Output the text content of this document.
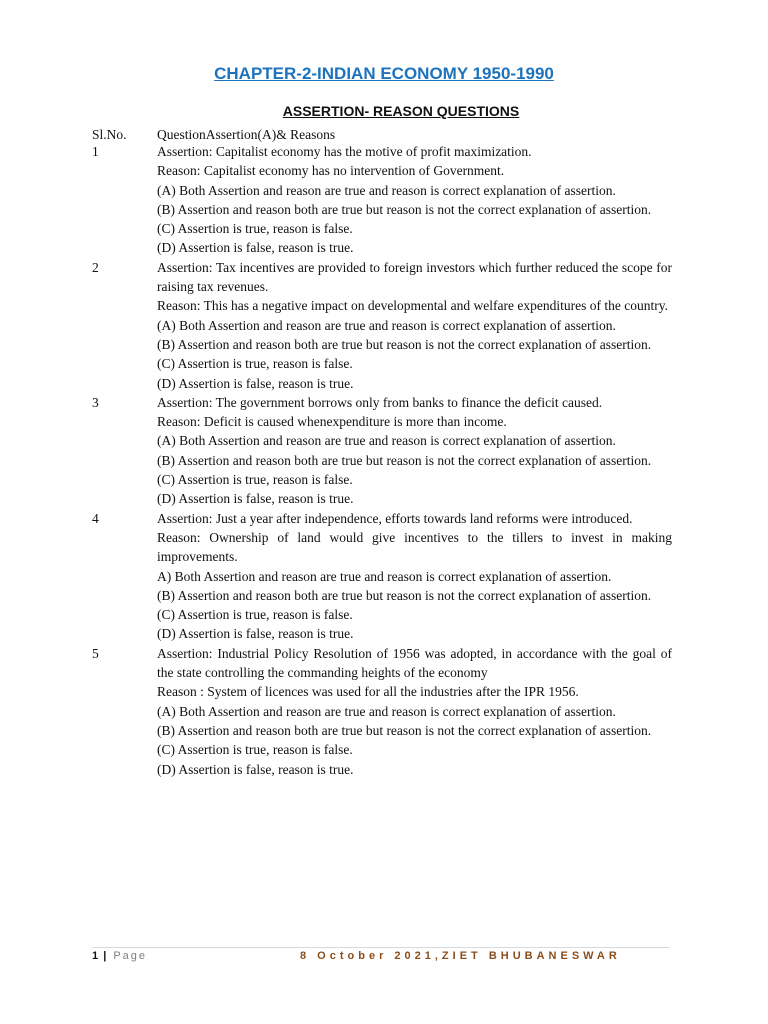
CHAPTER-2-INDIAN ECONOMY 1950-1990
ASSERTION- REASON QUESTIONS
Sl.No. QuestionAssertion(A)& Reasons
1	Assertion: Capitalist economy has the motive of profit maximization.
Reason: Capitalist economy has no intervention of Government.
(A) Both Assertion and reason are true and reason is correct explanation of assertion.
(B) Assertion and reason both are true but reason is not the correct explanation of assertion.
(C) Assertion is true, reason is false.
(D) Assertion is false, reason is true.
2	Assertion: Tax incentives are provided to foreign investors which further reduced the scope for raising tax revenues.
Reason: This has a negative impact on developmental and welfare expenditures of the country.
(A) Both Assertion and reason are true and reason is correct explanation of assertion.
(B) Assertion and reason both are true but reason is not the correct explanation of assertion.
(C) Assertion is true, reason is false.
(D) Assertion is false, reason is true.
3	Assertion: The government borrows only from banks to finance the deficit caused.
Reason: Deficit is caused whenexpenditure is more than income.
(A) Both Assertion and reason are true and reason is correct explanation of assertion.
(B) Assertion and reason both are true but reason is not the correct explanation of assertion.
(C) Assertion is true, reason is false.
(D) Assertion is false, reason is true.
4	Assertion: Just a year after independence, efforts towards land reforms were introduced.
Reason: Ownership of land would give incentives to the tillers to invest in making improvements.
A) Both Assertion and reason are true and reason is correct explanation of assertion.
(B) Assertion and reason both are true but reason is not the correct explanation of assertion.
(C) Assertion is true, reason is false.
(D) Assertion is false, reason is true.
5	Assertion: Industrial Policy Resolution of 1956 was adopted, in accordance with the goal of the state controlling the commanding heights of the economy
Reason : System of licences was used for all the industries after the IPR 1956.
(A) Both Assertion and reason are true and reason is correct explanation of assertion.
(B) Assertion and reason both are true but reason is not the correct explanation of assertion.
(C) Assertion is true, reason is false.
(D) Assertion is false, reason is true.
1 | Page	8 October 2021,ZIET BHUBANESWAR
